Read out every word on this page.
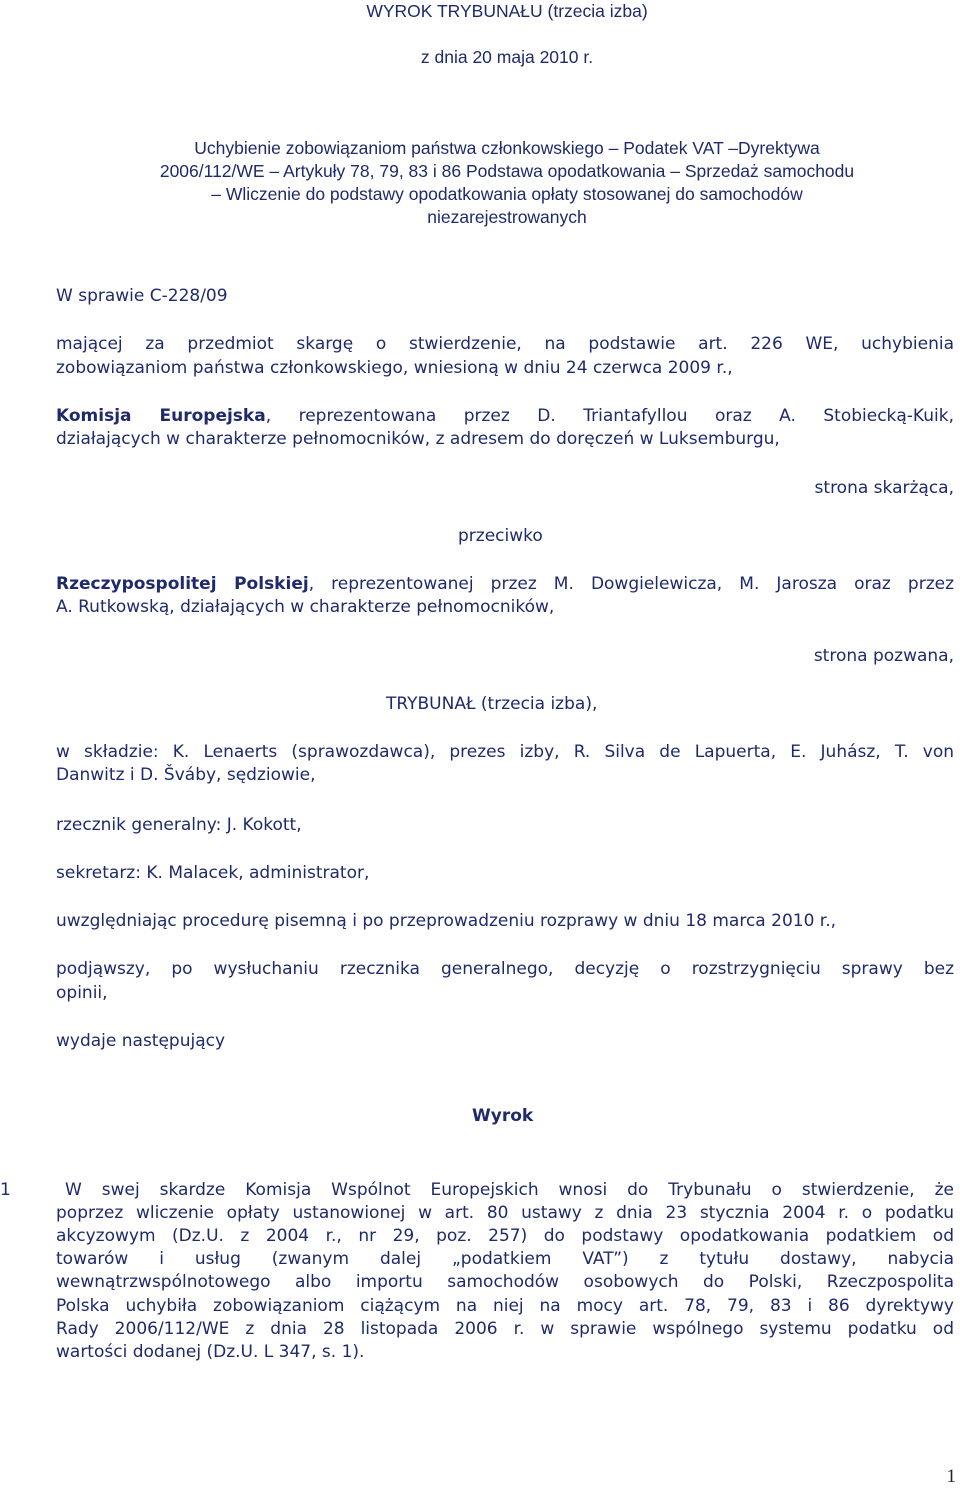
WYROK TRYBUNAŁU (trzecia izba)
z dnia 20 maja 2010 r.
Uchybienie zobowiązaniom państwa członkowskiego – Podatek VAT –Dyrektywa
2006/112/WE – Artykuły 78, 79, 83 i 86 Podstawa opodatkowania – Sprzedaż samochodu
– Wliczenie do podstawy opodatkowania opłaty stosowanej do samochodów
niezarejestrowanych
W sprawie C-228/09
mającej za przedmiot skargę o stwierdzenie, na podstawie art. 226 WE, uchybienia
zobowiązaniom państwa członkowskiego, wniesioną w dniu 24 czerwca 2009 r.,
Komisja Europejska, reprezentowana przez D. Triantafyllou oraz A. Stobiecką-Kuik,
działających w charakterze pełnomocników, z adresem do doręczeń w Luksemburgu,
strona skarżąca,
przeciwko
Rzeczypospolitej Polskiej, reprezentowanej przez M. Dowgielewicza, M. Jarosza oraz przez
A. Rutkowską, działających w charakterze pełnomocników,
strona pozwana,
TRYBUNAŁ (trzecia izba),
w składzie: K. Lenaerts (sprawozdawca), prezes izby, R. Silva de Lapuerta, E. Juhász, T. von
Danwitz i D. Šváby, sędziowie,
rzecznik generalny: J. Kokott,
sekretarz: K. Malacek, administrator,
uwzględniając procedurę pisemną i po przeprowadzeniu rozprawy w dniu 18 marca 2010 r.,
podjąwszy, po wysłuchaniu rzecznika generalnego, decyzję o rozstrzygnięciu sprawy bez
opinii,
wydaje następujący
Wyrok
1	W swej skardze Komisja Wspólnot Europejskich wnosi do Trybunału o stwierdzenie, że
poprzez wliczenie opłaty ustanowionej w art. 80 ustawy z dnia 23 stycznia 2004 r. o podatku
akcyzowym (Dz.U. z 2004 r., nr 29, poz. 257) do podstawy opodatkowania podatkiem od
towarów i usług (zwanym dalej „podatkiem VAT”) z tytułu dostawy, nabycia
wewnątrzwspólnotowego albo importu samochodów osobowych do Polski, Rzeczpospolita
Polska uchybiła zobowiązaniom ciążącym na niej na mocy art. 78, 79, 83 i 86 dyrektywy
Rady 2006/112/WE z dnia 28 listopada 2006 r. w sprawie wspólnego systemu podatku od
wartości dodanej (Dz.U. L 347, s. 1).
1
